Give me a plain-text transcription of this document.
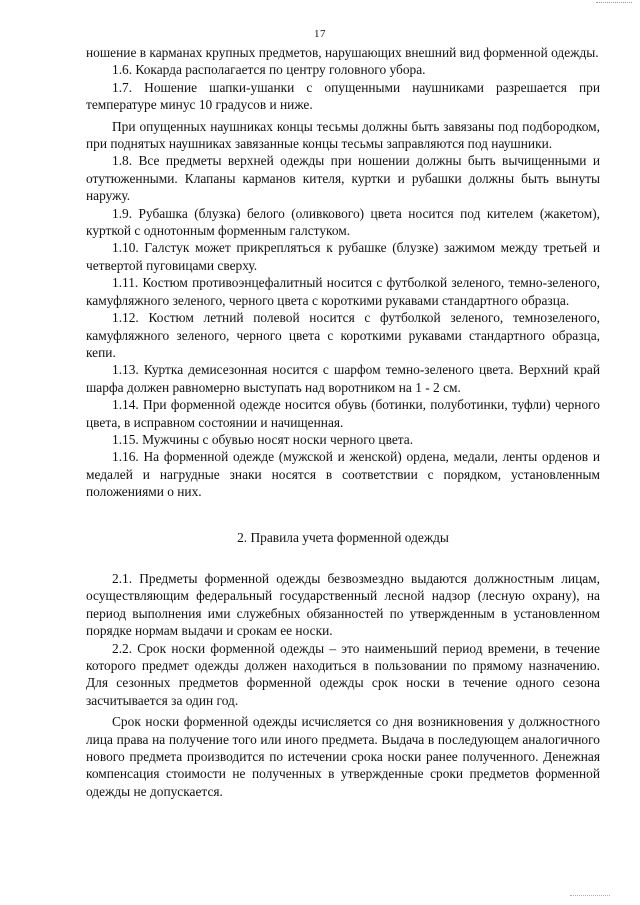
17

ношение в карманах крупных предметов, нарушающих внешний вид форменной одежды.

1.6. Кокарда располагается по центру головного убора.

1.7. Ношение шапки-ушанки с опущенными наушниками разрешается при температуре минус 10 градусов и ниже.

При опущенных наушниках концы тесьмы должны быть завязаны под подбородком, при поднятых наушниках завязанные концы тесьмы заправляются под наушники.

1.8. Все предметы верхней одежды при ношении должны быть вычищенными и отутюженными. Клапаны карманов кителя, куртки и рубашки должны быть вынуты наружу.

1.9. Рубашка (блузка) белого (оливкового) цвета носится под кителем (жакетом), курткой с однотонным форменным галстуком.

1.10. Галстук может прикрепляться к рубашке (блузке) зажимом между третьей и четвертой пуговицами сверху.

1.11. Костюм противоэнцефалитный носится с футболкой зеленого, темно-зеленого, камуфляжного зеленого, черного цвета с короткими рукавами стандартного образца.

1.12. Костюм летний полевой носится с футболкой зеленого, темнозеленого, камуфляжного зеленого, черного цвета с короткими рукавами стандартного образца, кепи.

1.13. Куртка демисезонная носится с шарфом темно-зеленого цвета. Верхний край шарфа должен равномерно выступать над воротником на 1 - 2 см.

1.14. При форменной одежде носится обувь (ботинки, полуботинки, туфли) черного цвета, в исправном состоянии и начищенная.

1.15. Мужчины с обувью носят носки черного цвета.

1.16. На форменной одежде (мужской и женской) ордена, медали, ленты орденов и медалей и нагрудные знаки носятся в соответствии с порядком, установленным положениями о них.

2. Правила учета форменной одежды

2.1. Предметы форменной одежды безвозмездно выдаются должностным лицам, осуществляющим федеральный государственный лесной надзор (лесную охрану), на период выполнения ими служебных обязанностей по утвержденным в установленном порядке нормам выдачи и срокам ее носки.

2.2. Срок носки форменной одежды – это наименьший период времени, в течение которого предмет одежды должен находиться в пользовании по прямому назначению. Для сезонных предметов форменной одежды срок носки в течение одного сезона засчитывается за один год.

Срок носки форменной одежды исчисляется со дня возникновения у должностного лица права на получение того или иного предмета. Выдача в последующем аналогичного нового предмета производится по истечении срока носки ранее полученного. Денежная компенсация стоимости не полученных в утвержденные сроки предметов форменной одежды не допускается.
